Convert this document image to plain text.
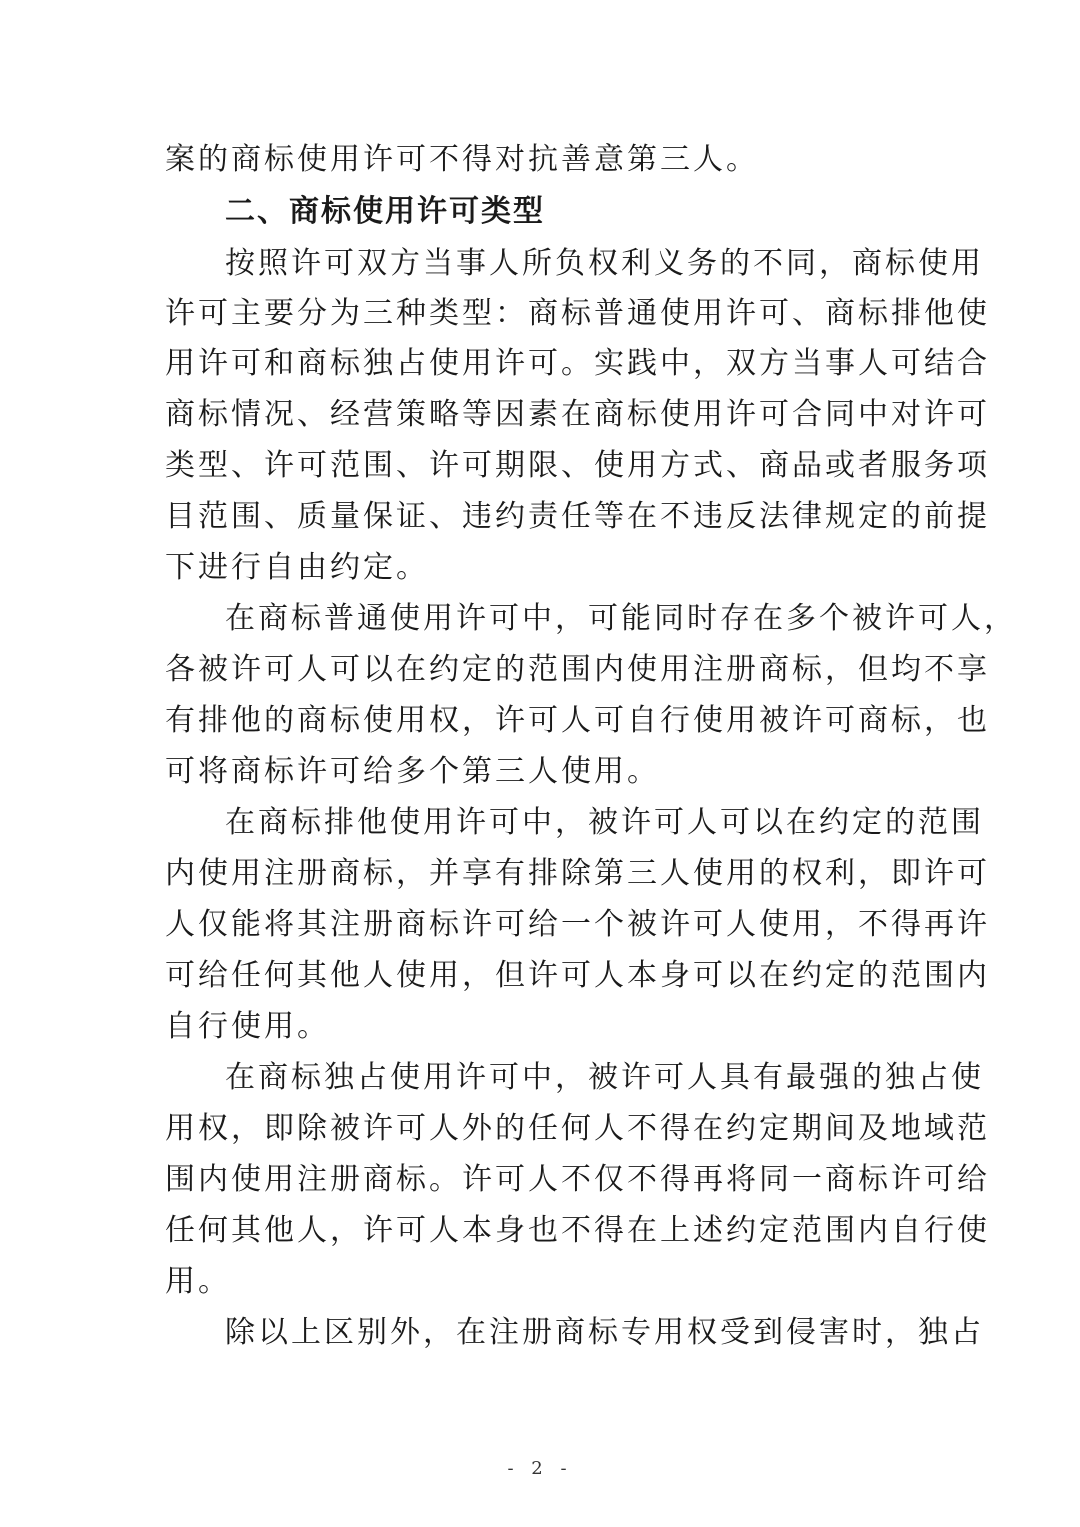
案的商标使用许可不得对抗善意第三人。
二、商标使用许可类型
按照许可双方当事人所负权利义务的不同，商标使用
许可主要分为三种类型：商标普通使用许可、商标排他使
用许可和商标独占使用许可。实践中，双方当事人可结合
商标情况、经营策略等因素在商标使用许可合同中对许可
类型、许可范围、许可期限、使用方式、商品或者服务项
目范围、质量保证、违约责任等在不违反法律规定的前提
下进行自由约定。
在商标普通使用许可中，可能同时存在多个被许可人，
各被许可人可以在约定的范围内使用注册商标，但均不享
有排他的商标使用权，许可人可自行使用被许可商标，也
可将商标许可给多个第三人使用。
在商标排他使用许可中，被许可人可以在约定的范围
内使用注册商标，并享有排除第三人使用的权利，即许可
人仅能将其注册商标许可给一个被许可人使用，不得再许
可给任何其他人使用，但许可人本身可以在约定的范围内
自行使用。
在商标独占使用许可中，被许可人具有最强的独占使
用权，即除被许可人外的任何人不得在约定期间及地域范
围内使用注册商标。许可人不仅不得再将同一商标许可给
任何其他人，许可人本身也不得在上述约定范围内自行使
用。
除以上区别外，在注册商标专用权受到侵害时，独占
- 2 -
